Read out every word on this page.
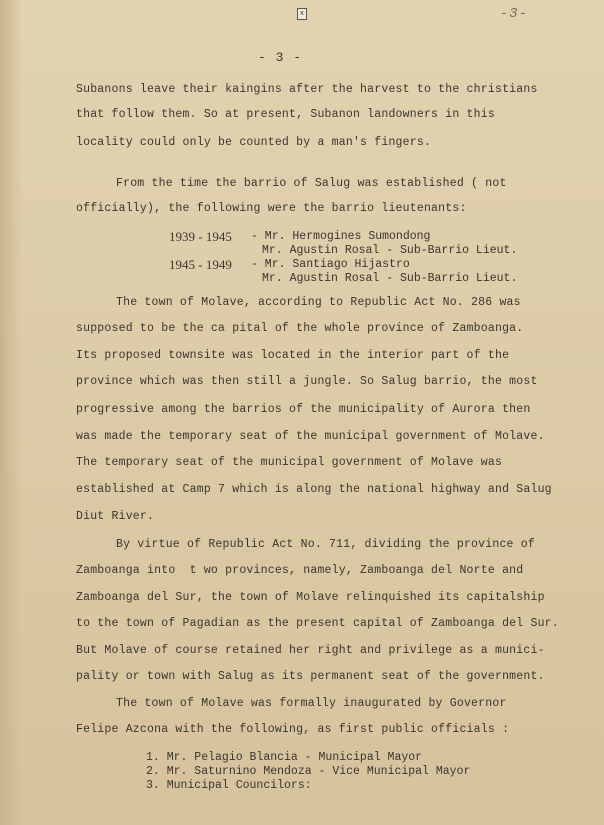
x	-3-
- 3 -
Subanons leave their kaingins after the harvest to the christians
that follow them. So at present, Subanon landowners in this
locality could only be counted by a man's fingers.
From the time the barrio of Salug was established ( not
officially), the following were the barrio lieutenants:
1939 - 1945 - Mr. Hermogines Sumondong
Mr. Agustin Rosal - Sub-Barrio Lieut.
1945 - 1949 - Mr. Santiago Hijastro
Mr. Agustin Rosal - Sub-Barrio Lieut.
The town of Molave, according to Republic Act No. 286 was
supposed to be the ca pital of the whole province of Zamboanga.
Its proposed townsite was located in the interior part of the
province which was then still a jungle. So Salug barrio, the most
progressive among the barrios of the municipality of Aurora then
was made the temporary seat of the municipal government of Molave.
The temporary seat of the municipal government of Molave was
established at Camp 7 which is along the national highway and Salug
Diut River.
By virtue of Republic Act No. 711, dividing the province of
Zamboanga into  t wo provinces, namely, Zamboanga del Norte and
Zamboanga del Sur, the town of Molave relinquished its capitalship
to the town of Pagadian as the present capital of Zamboanga del Sur.
But Molave of course retained her right and privilege as a munici-
pality or town with Salug as its permanent seat of the government.
The town of Molave was formally inaugurated by Governor
Felipe Azcona with the following, as first public officials :
1. Mr. Pelagio Blancia - Municipal Mayor
2. Mr. Saturnino Mendoza - Vice Municipal Mayor
3. Municipal Councilors:
